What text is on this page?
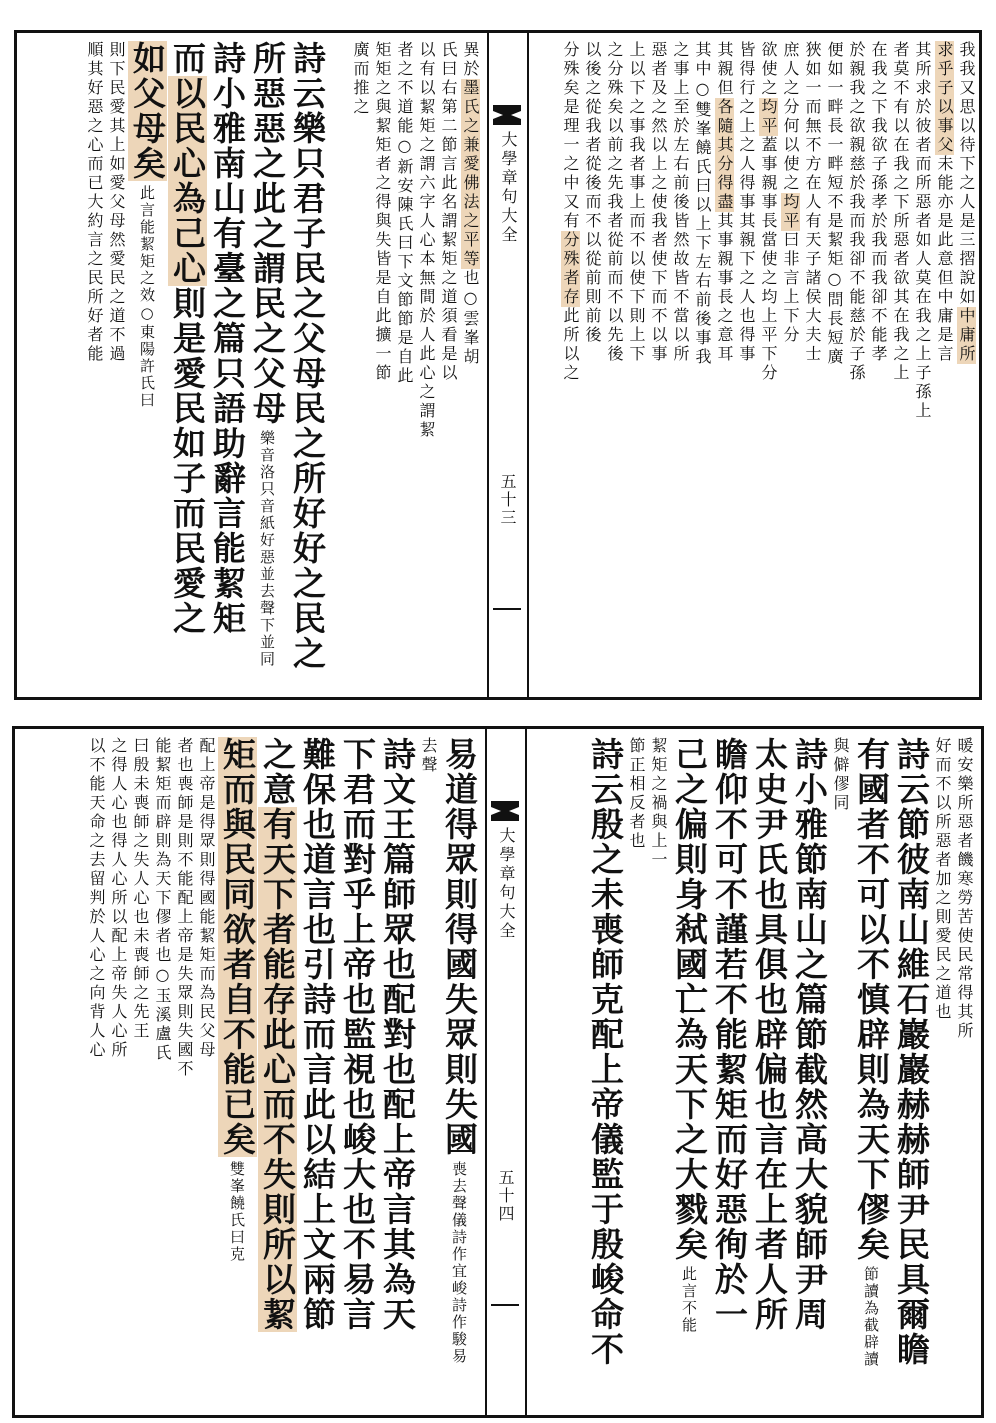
大學章句大全
五十三
我我又思以待下之人是三摺說如中庸所
求乎子以事父未能亦是此意但中庸是言
其所求於彼者而所惡者如人莫在我之上子孫上
者莫不有以在我之下所惡者欲其在我之上
在我之下我欲子孫孝於我而我卻不能孝
於親我之欲親慈於我而我卻不能慈於子孫
便如一畔長一畔短不是絜矩○問長短廣
狹如一而無不方在人有天子諸侯大夫士
庶人之分何以使之均平曰非言上下分
欲使之均平蓋事親事長當使之均上平下分
皆得行之上之人得事其親下之人也得事
其親但各隨其分得盡其事親事長之意耳
其中○雙峯饒氏曰以上下左右前後事我
之事上至於左右前後皆然故皆不當以所
惡者及之然以上之使我者使下而不以事
上以下之事我者事上而不以使下則上下
之分殊矣以前之先我者從前而不以先後
以後之從我者從後而不以從前則前後
分殊矣是理一之中又有分殊者存此所以之
異於墨氏之兼愛佛法之平等也○雲峯胡
氏曰右第二節言此名謂絜矩之道須看是以
以有以絜矩之謂六字人心本無間於人此心之謂絜
者之不道能○新安陳氏曰下文節節是自此
矩矩之與絜矩者之得與失皆是自此擴一節
廣而推之
詩云樂只君子民之父母民之所好好之民之
所惡惡之此之謂民之父母樂音洛只音紙好惡並去聲下並同
詩小雅南山有臺之篇只語助辭言能絜矩
而以民心為己心則是愛民如子而民愛之
如父母矣此言能絜矩之效○東陽許氏曰
則下民愛其上如愛父母然愛民之道不過
順其好惡之心而已大約言之民所好者能
大學章句大全
五十四
暖安樂所惡者饑寒勞苦使民常得其所
好而不以所惡者加之則愛民之道也
詩云節彼南山維石巖巖赫赫師尹民具爾瞻
有國者不可以不慎辟則為天下僇矣節讀為截辟讀
與僻僇同
詩小雅節南山之篇節截然高大貌師尹周
太史尹氏也具俱也辟偏也言在上者人所
瞻仰不可不謹若不能絜矩而好惡徇於一
己之偏則身弒國亡為天下之大戮矣此言不能
絜矩之禍與上一
節正相反者也
詩云殷之未喪師克配上帝儀監于殷峻命不
易道得眾則得國失眾則失國喪去聲儀詩作宜峻詩作駿易
去聲
詩文王篇師眾也配對也配上帝言其為天
下君而對乎上帝也監視也峻大也不易言
難保也道言也引詩而言此以結上文兩節
之意有天下者能存此心而不失則所以絜
矩而與民同欲者自不能已矣雙峯饒氏曰克
配上帝是得眾則得國能絜矩而為民父母
者也喪師是則不能配上帝是失眾則失國不
能絜矩而辟則為天下僇者也○玉溪盧氏
曰殷未喪師之失人心也未喪師之先王
之得人心也得人心所以配上帝失人心所
以不能天命之去留判於人心之向背人心
